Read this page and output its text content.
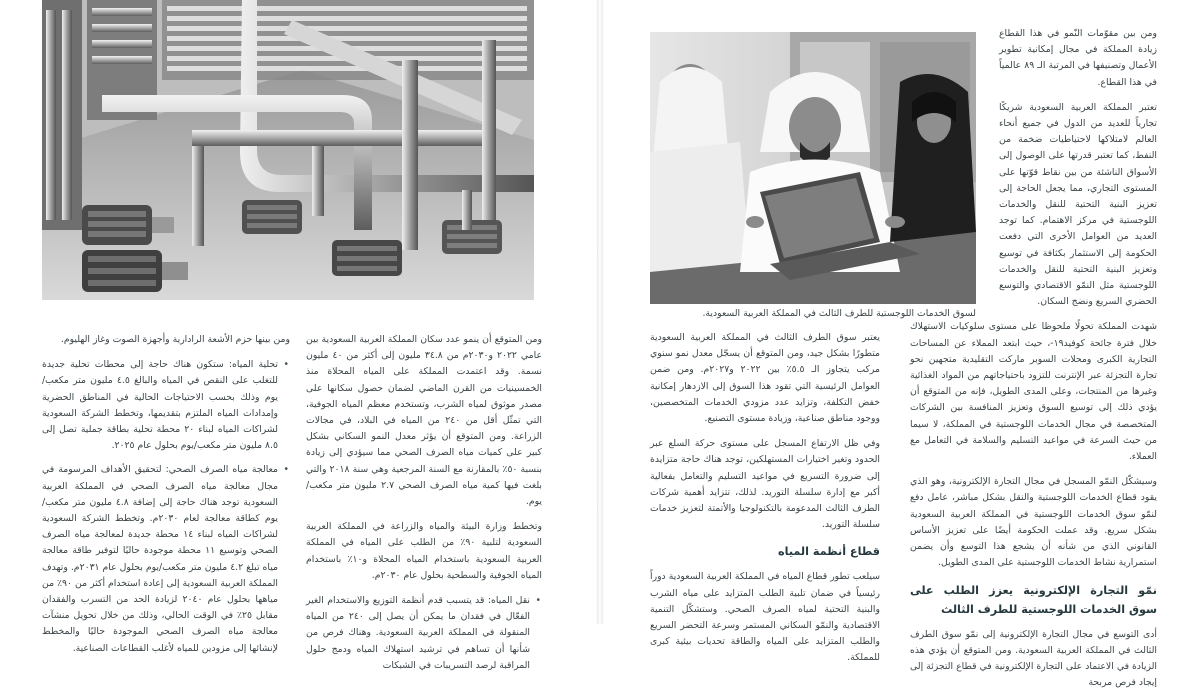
ومن المتوقع أن ينمو عدد سكان المملكة العربية السعودية بين عامي ٢٠٢٢ و٢٠٣٠م من ٣٤.٨ مليون إلى أكثر من ٤٠ مليون نسمة. وقد اعتمدت المملكة على المياه المحلاة منذ الخمسينيات من القرن الماضي لضمان حصول سكانها على مصدر موثوق لمياه الشرب، وتستخدم معظم المياه الجوفية، التي تمثّل أقل من ٢٤٠ من المياه في البلاد، في مجالات الزراعة. ومن المتوقع أن يؤثر معدل النمو السكاني بشكل كبير على كميات مياه الصرف الصحي مما سيؤدي إلى زيادة بنسبة ٥٠٪ بالمقارنة مع السنة المرجعية وهي سنة ٢٠١٨ والتي بلغت فيها كمية مياه الصرف الصحي ٢.٧ مليون متر مكعب/ يوم.

وتخطط وزارة البيئة والمياه والزراعة في المملكة العربية السعودية لتلبية ٩٠٪ من الطلب على المياه في المملكة العربية السعودية باستخدام المياه المحلاة و١٠٪ باستخدام المياه الجوفية والسطحية بحلول عام ٢٠٣٠م.

• نقل المياه: قد يتسبب قدم أنظمة التوزيع والاستخدام الغير الفعّال في فقدان ما يمكن أن يصل إلى ٢٤٠ من المياه المنقولة في المملكة العربية السعودية. وهناك فرص من شأنها أن تساهم في ترشيد استهلاك المياه ودمج حلول المراقبة لرصد التسريبات في الشبكات

ومن بينها حزم الأشعة الرادارية وأجهزة الصوت وغاز الهليوم.

• تحلية المياه: ستكون هناك حاجة إلى محطات تحلية جديدة للتغلب على النقص في المياه والبالغ ٤.٥ مليون متر مكعب/يوم وذلك بحسب الاحتياجات الحالية في المناطق الحضرية وإمدادات المياه الملتزم بتقديمها، وتخطط الشركة السعودية لشراكات المياه لبناء ٢٠ محطة تحلية بطاقة جملية تصل إلى ٨.٥ مليون متر مكعب/يوم بحلول عام ٢٠٢٥.
• معالجة مياه الصرف الصحي: لتحقيق الأهداف المرسومة في مجال معالجة مياه الصرف الصحي في المملكة العربية السعودية توجد هناك حاجة إلى إضافة ٤.٨ مليون متر مكعب/يوم كطاقة معالجة لعام ٢٠٣٠م. وتخطط الشركة السعودية لشراكات المياه لبناء ١٤ محطة جديدة لمعالجة مياه الصرف الصحي وتوسيع ١١ محطة موجودة حاليًا لتوفير طاقة معالجة مياه تبلغ ٤.٢ مليون متر مكعب/يوم بحلول عام ٢٠٣١م. وتهدف المملكة العربية السعودية إلى إعادة استخدام أكثر من ٩٠٪ من مياهها بحلول عام ٢٠٤٠ لزيادة الحد من التسرب والفقدان مقابل ٢٥٪ في الوقت الحالي، وذلك من خلال تحويل منشآت معالجة مياه الصرف الصحي الموجودة حاليًا والمخطط لإنشائها إلى مزودين للمياه لأغلب القطاعات الصناعية.
لسوق الخدمات اللوجستية للطرف الثالث في المملكة العربية السعودية.

ومن بين مقوّمات النّمو في هذا القطاع زيادة المملكة في مجال إمكانية تطوير الأعمال وتصنيفها في المرتبة الـ ٨٩ عالمياً في هذا القطاع.

تعتبر المملكة العربية السعودية شريكًا تجارياً للعديد من الدول في جميع أنحاء العالم لامتلاكها لاحتياطيات ضخمة من النفط، كما تعتبر قدرتها على الوصول إلى الأسواق الناشئة من بين نقاط قوّتها على المستوى التجاري، مما يجعل الحاجة إلى تعزيز البنية التحتية للنقل والخدمات اللوجستية في مركز الاهتمام. كما توجد العديد من العوامل الأخرى التي دفعت الحكومة إلى الاستثمار بكثافة في توسيع وتعزيز البنية التحتية للنقل والخدمات اللوجستية مثل النمّو الاقتصادي والتوسع الحضري السريع ونضج السكان.

شهدت المملكة تحولًا ملحوظا على مستوى سلوكيات الاستهلاك خلال فترة جائحة كوفيد١٩-، حيث ابتعد المملاء عن المساحات التجارية الكبرى ومحلات السوبر ماركت التقليدية متجهين نحو تجارة التجزئة عبر الإنترنت للتزود باحتياجاتهم من المواد الغذائية وغيرها من المنتجات، وعلى المدى الطويل، فإنه من المتوقع أن يؤدي ذلك إلى توسيع السوق وتعزيز المنافسة بين الشركات المتخصصة في مجال الخدمات اللوجستية في المملكة، لا سيما من حيث السرعة في مواعيد التسليم والسلامة في التعامل مع العملاء.

وسيشكّل النمّو المسجل في مجال التجارة الإلكترونية، وهو الذي يقود قطاع الخدمات اللوجستية والنقل بشكل مباشر، عامل دفع لنمّو سوق الخدمات اللوجستية في المملكة العربية السعودية بشكل سريع. وقد عملت الحكومة أيضًا على تعزيز الأساس القانوني الذي من شأنه أن يشجع هذا التوسع وأن يضمن استمرارية نشاط الخدمات اللوجستية على المدى الطويل.

نمّو التجارة الإلكترونية يعزز الطلب على سوق الخدمات اللوجستية للطرف الثالث

أدى التوسع في مجال التجارة الإلكترونية إلى نمّو سوق الطرف الثالث في المملكة العربية السعودية. ومن المتوقع أن يؤدي هذه الزيادة في الاعتماد على التجارة الإلكترونية في قطاع التجزئة إلى إيجاد فرص مربحة

يعتبر سوق الطرف الثالث في المملكة العربية السعودية متطورًا بشكل جيد، ومن المتوقع أن يسجّل معدل نمو سنوي مركب يتجاوز الـ ٥.٥٪ بين ٢٠٢٢ و٢٠٢٧م. ومن ضمن العوامل الرئيسية التي تقود هذا السوق إلى الازدهار إمكانية خفض التكلفة، وتزايد عدد مزودي الخدمات المتخصصين، ووجود مناطق صناعية، وزيادة مستوى التصنيع.

وفي ظل الارتفاع المسجل على مستوى حركة السلع عبر الحدود وتغير اختيارات المستهلكين، توجد هناك حاجة متزايدة إلى ضرورة التسريع في مواعيد التسليم والتعامل بفعالية أكبر مع إدارة سلسلة التوريد. لذلك، تتزايد أهمية شركات الطرف الثالث المدعومة بالتكنولوجيا والأتمتة لتعزيز خدمات سلسلة التوريد.

قطاع أنظمة المياه

سيلعب تطور قطاع المياه في المملكة العربية السعودية دوراً رئيسياً في ضمان تلبية الطلب المتزايد على مياه الشرب والبنية التحتية لمياه الصرف الصحي. وستشكّل التنمية الاقتصادية والنمّو السكاني المستمر وسرعة التحضر السريع والطلب المتزايد على المياه والطاقة تحديات بيئية كبرى للمملكة.
